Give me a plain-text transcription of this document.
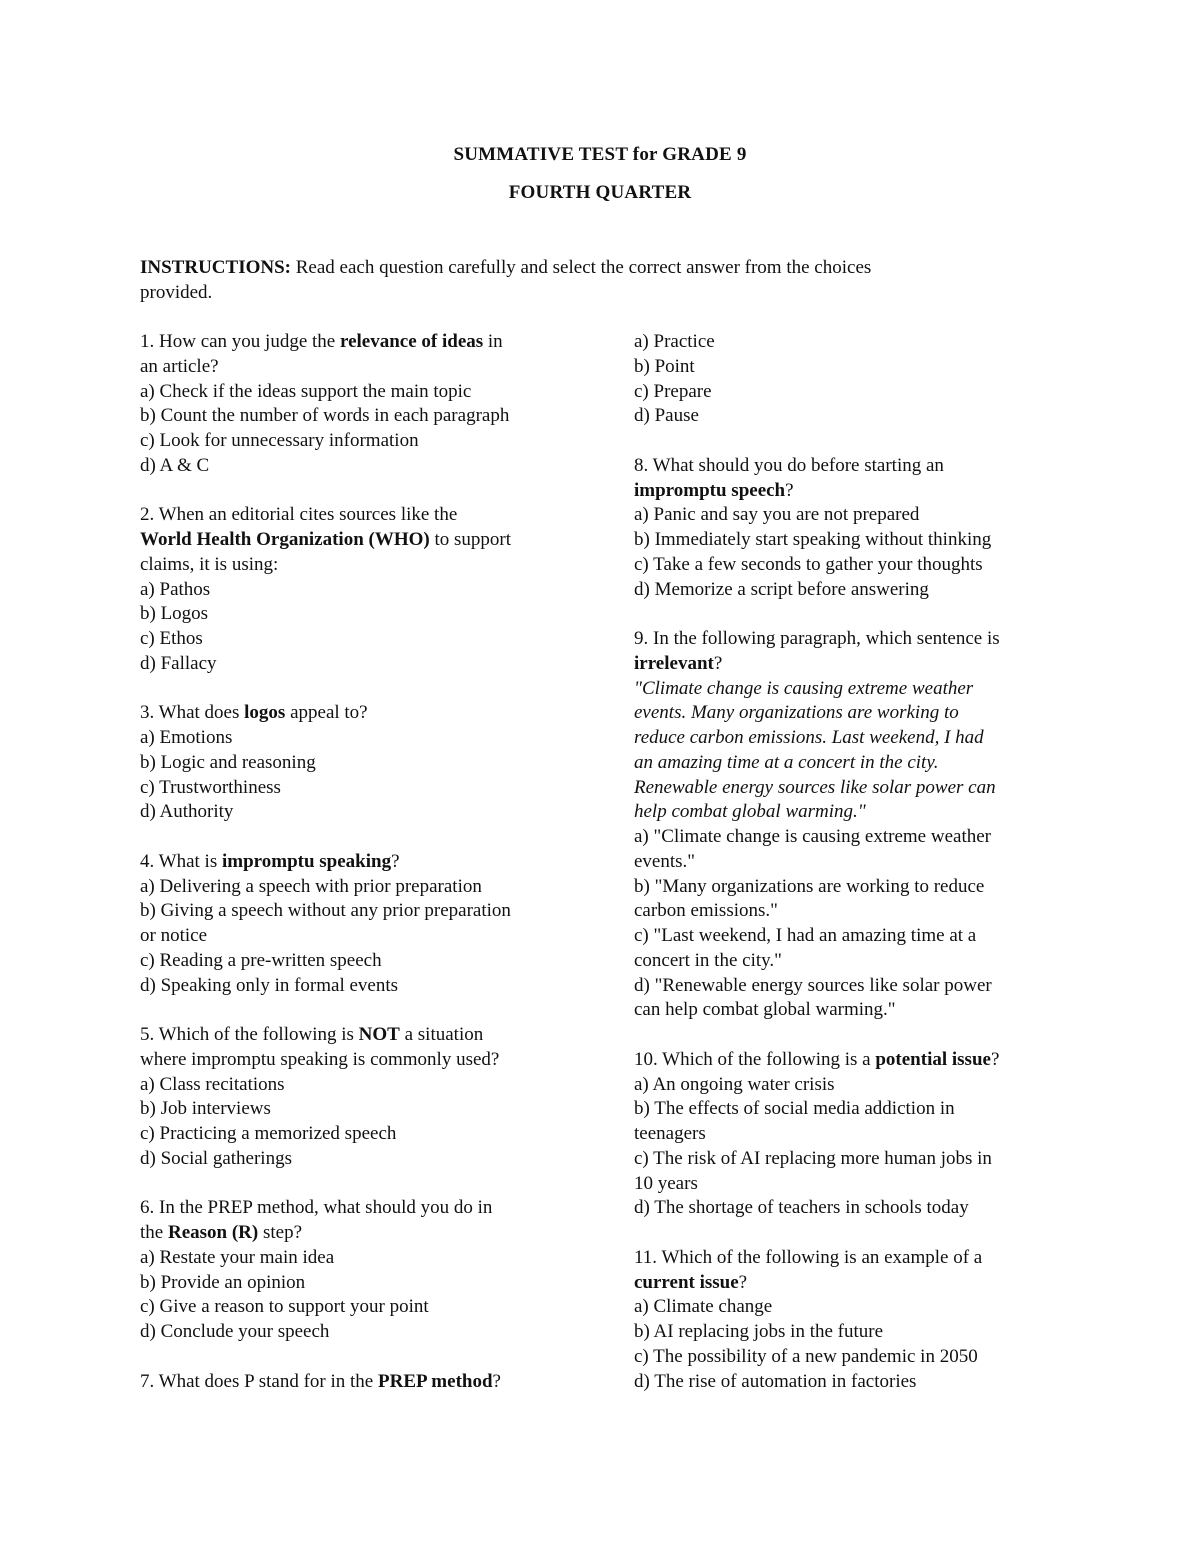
SUMMATIVE TEST for GRADE 9
FOURTH QUARTER
INSTRUCTIONS: Read each question carefully and select the correct answer from the choices
provided.
1. How can you judge the relevance of ideas in
an article?
a) Check if the ideas support the main topic
b) Count the number of words in each paragraph
c) Look for unnecessary information
d) A & C
2. When an editorial cites sources like the
World Health Organization (WHO) to support
claims, it is using:
a) Pathos
b) Logos
c) Ethos
d) Fallacy
3. What does logos appeal to?
a) Emotions
b) Logic and reasoning
c) Trustworthiness
d) Authority
4. What is impromptu speaking?
a) Delivering a speech with prior preparation
b) Giving a speech without any prior preparation
or notice
c) Reading a pre-written speech
d) Speaking only in formal events
5. Which of the following is NOT a situation
where impromptu speaking is commonly used?
a) Class recitations
b) Job interviews
c) Practicing a memorized speech
d) Social gatherings
6. In the PREP method, what should you do in
the Reason (R) step?
a) Restate your main idea
b) Provide an opinion
c) Give a reason to support your point
d) Conclude your speech
7. What does P stand for in the PREP method?
a) Practice
b) Point
c) Prepare
d) Pause
8. What should you do before starting an
impromptu speech?
a) Panic and say you are not prepared
b) Immediately start speaking without thinking
c) Take a few seconds to gather your thoughts
d) Memorize a script before answering
9. In the following paragraph, which sentence is
irrelevant?
"Climate change is causing extreme weather
events. Many organizations are working to
reduce carbon emissions. Last weekend, I had
an amazing time at a concert in the city.
Renewable energy sources like solar power can
help combat global warming."
a) "Climate change is causing extreme weather
events."
b) "Many organizations are working to reduce
carbon emissions."
c) "Last weekend, I had an amazing time at a
concert in the city."
d) "Renewable energy sources like solar power
can help combat global warming."
10. Which of the following is a potential issue?
a) An ongoing water crisis
b) The effects of social media addiction in
teenagers
c) The risk of AI replacing more human jobs in
10 years
d) The shortage of teachers in schools today
11. Which of the following is an example of a
current issue?
a) Climate change
b) AI replacing jobs in the future
c) The possibility of a new pandemic in 2050
d) The rise of automation in factories
